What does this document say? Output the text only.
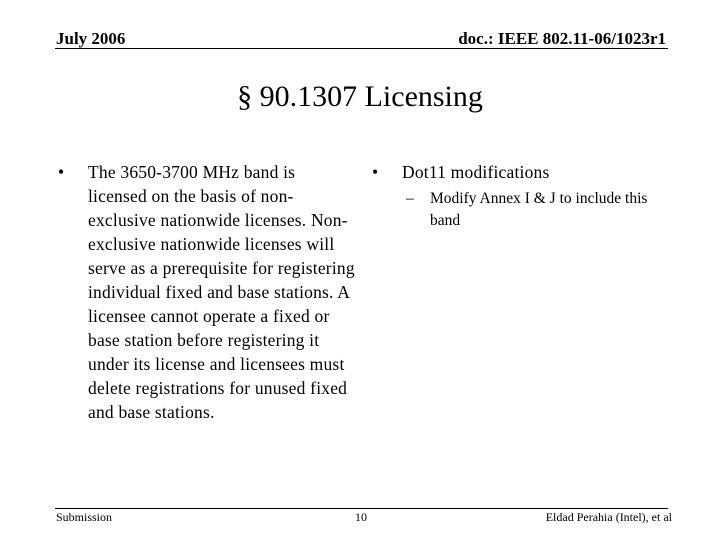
July 2006	doc.: IEEE 802.11-06/1023r1
§ 90.1307 Licensing
• The 3650-3700 MHz band is licensed on the basis of non-exclusive nationwide licenses. Non-exclusive nationwide licenses will serve as a prerequisite for registering individual fixed and base stations. A licensee cannot operate a fixed or base station before registering it under its license and licensees must delete registrations for unused fixed and base stations.
• Dot11 modifications
– Modify Annex I & J to include this band
Submission	10	Eldad Perahia (Intel), et al
